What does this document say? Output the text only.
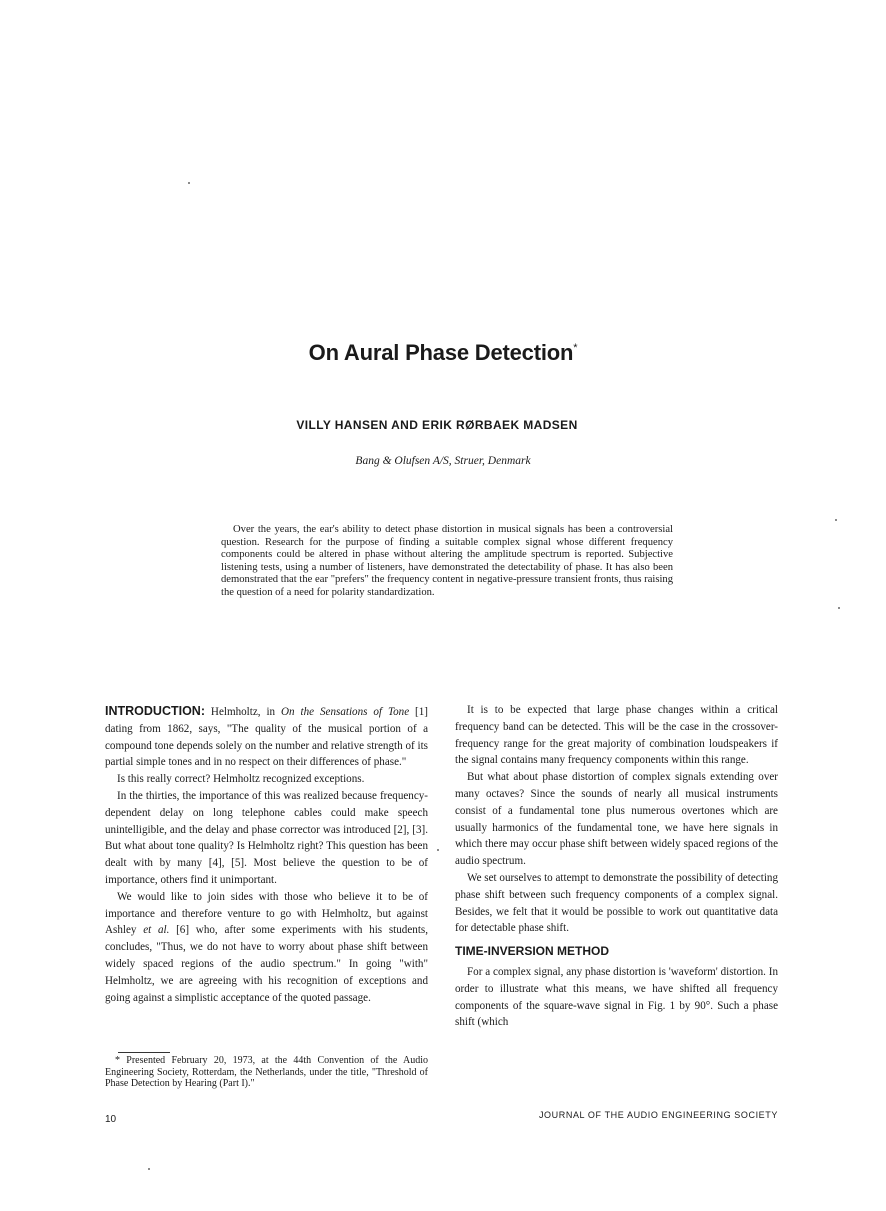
On Aural Phase Detection*
VILLY HANSEN AND ERIK RØRBAEK MADSEN
Bang & Olufsen A/S, Struer, Denmark
Over the years, the ear's ability to detect phase distortion in musical signals has been a controversial question. Research for the purpose of finding a suitable complex signal whose different frequency components could be altered in phase without altering the amplitude spectrum is reported. Subjective listening tests, using a number of listeners, have demonstrated the detectability of phase. It has also been demonstrated that the ear "prefers" the frequency content in negative-pressure transient fronts, thus raising the question of a need for polarity standardization.

INTRODUCTION: Helmholtz, in On the Sensations of Tone [1] dating from 1862, says, "The quality of the musical portion of a compound tone depends solely on the number and relative strength of its partial simple tones and in no respect on their differences of phase."

Is this really correct? Helmholtz recognized exceptions.

In the thirties, the importance of this was realized because frequency-dependent delay on long telephone cables could make speech unintelligible, and the delay and phase corrector was introduced [2], [3]. But what about tone quality? Is Helmholtz right? This question has been dealt with by many [4], [5]. Most believe the question to be of importance, others find it unimportant.

We would like to join sides with those who believe it to be of importance and therefore venture to go with Helmholtz, but against Ashley et al. [6] who, after some experiments with his students, concludes, "Thus, we do not have to worry about phase shift between widely spaced regions of the audio spectrum." In going "with" Helmholtz, we are agreeing with his recognition of exceptions and going against a simplistic acceptance of the quoted passage.

It is to be expected that large phase changes within a critical frequency band can be detected. This will be the case in the crossover-frequency range for the great majority of combination loudspeakers if the signal contains many frequency components within this range.

But what about phase distortion of complex signals extending over many octaves? Since the sounds of nearly all musical instruments consist of a fundamental tone plus numerous overtones which are usually harmonics of the fundamental tone, we have here signals in which there may occur phase shift between widely spaced regions of the audio spectrum.

We set ourselves to attempt to demonstrate the possibility of detecting phase shift between such frequency components of a complex signal. Besides, we felt that it would be possible to work out quantitative data for detectable phase shift.

TIME-INVERSION METHOD

For a complex signal, any phase distortion is 'waveform' distortion. In order to illustrate what this means, we have shifted all frequency components of the square-wave signal in Fig. 1 by 90°. Such a phase shift (which

* Presented February 20, 1973, at the 44th Convention of the Audio Engineering Society, Rotterdam, the Netherlands, under the title, "Threshold of Phase Detection by Hearing (Part I)."
10	JOURNAL OF THE AUDIO ENGINEERING SOCIETY
